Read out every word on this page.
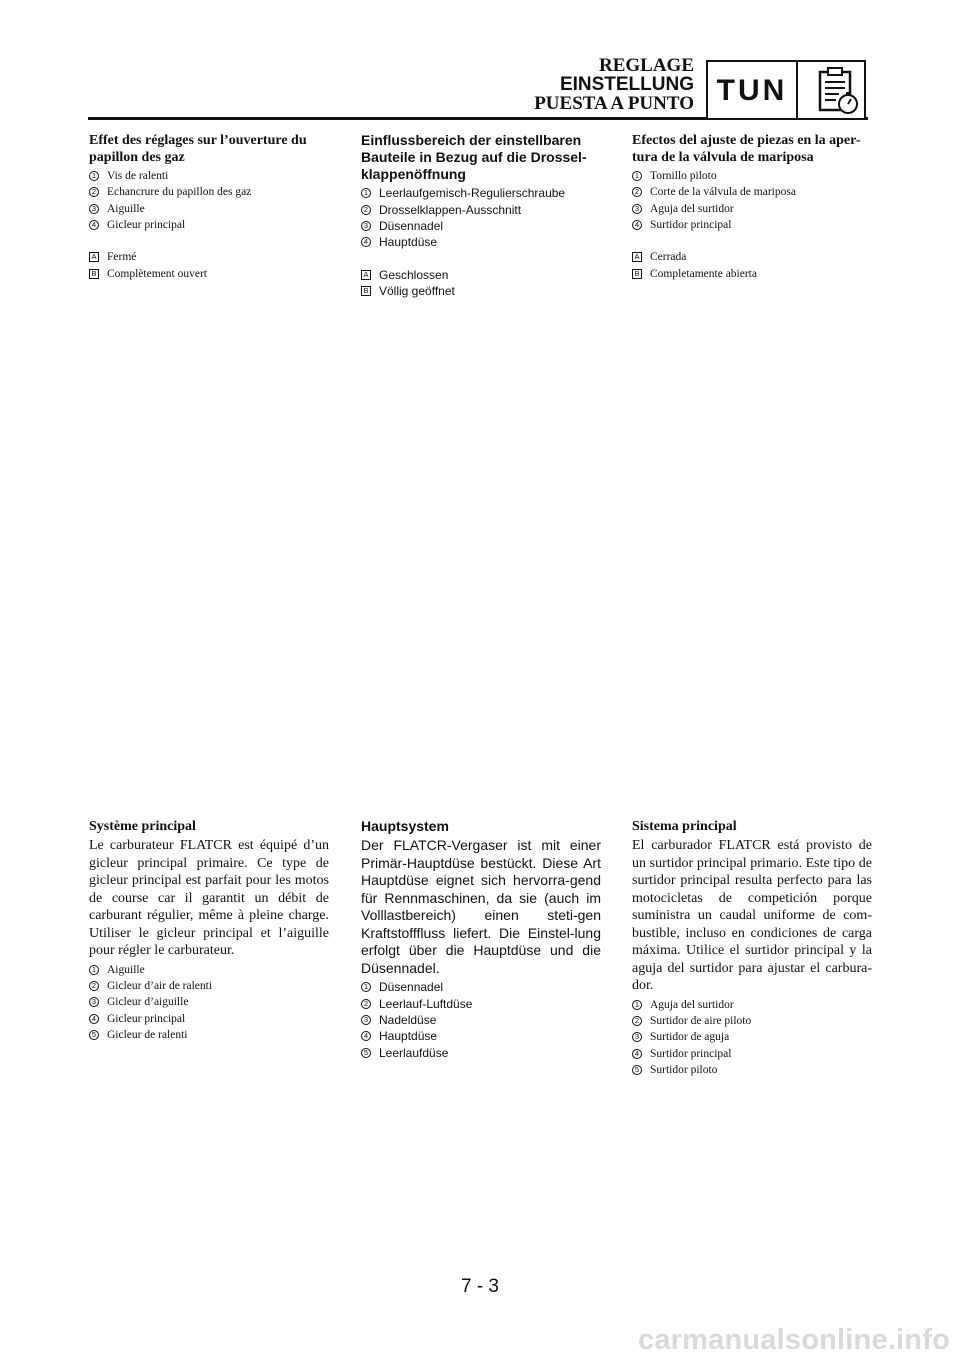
REGLAGE
EINSTELLUNG
PUESTA A PUNTO TUN
Effet des réglages sur l’ouverture du papillon des gaz
1 Vis de ralenti
2 Echancrure du papillon des gaz
3 Aiguille
4 Gicleur principal
A Fermé
B Complètement ouvert
Einflussbereich der einstellbaren Bauteile in Bezug auf die Drossel-klappenöffnung
1 Leerlaufgemisch-Regulierschraube
2 Drosselklappen-Ausschnitt
3 Düsennadel
4 Hauptdüse
A Geschlossen
B Völlig geöffnet
Efectos del ajuste de piezas en la aper-tura de la válvula de mariposa
1 Tornillo piloto
2 Corte de la válvula de mariposa
3 Aguja del surtidor
4 Surtidor principal
A Cerrada
B Completamente abierta
Système principal
Le carburateur FLATCR est équipé d’un gicleur principal primaire. Ce type de gicleur principal est parfait pour les motos de course car il garantit un débit de carburant régulier, même à pleine charge. Utiliser le gicleur principal et l’aiguille pour régler le carburateur.
1 Aiguille
2 Gicleur d’air de ralenti
3 Gicleur d’aiguille
4 Gicleur principal
5 Gicleur de ralenti
Hauptsystem
Der FLATCR-Vergaser ist mit einer Primär-Hauptdüse bestückt. Diese Art Hauptdüse eignet sich hervorra-gend für Rennmaschinen, da sie (auch im Volllastbereich) einen steti-gen Kraftstofffluss liefert. Die Einstel-lung erfolgt über die Hauptdüse und die Düsennadel.
1 Düsennadel
2 Leerlauf-Luftdüse
3 Nadeldüse
4 Hauptdüse
5 Leerlaufdüse
Sistema principal
El carburador FLATCR está provisto de un surtidor principal primario. Este tipo de surtidor principal resulta perfecto para las motocicletas de competición porque suministra un caudal uniforme de com-bustible, incluso en condiciones de carga máxima. Utilice el surtidor principal y la aguja del surtidor para ajustar el carbura-dor.
1 Aguja del surtidor
2 Surtidor de aire piloto
3 Surtidor de aguja
4 Surtidor principal
5 Surtidor piloto
7 - 3
carmanualsonline.info
